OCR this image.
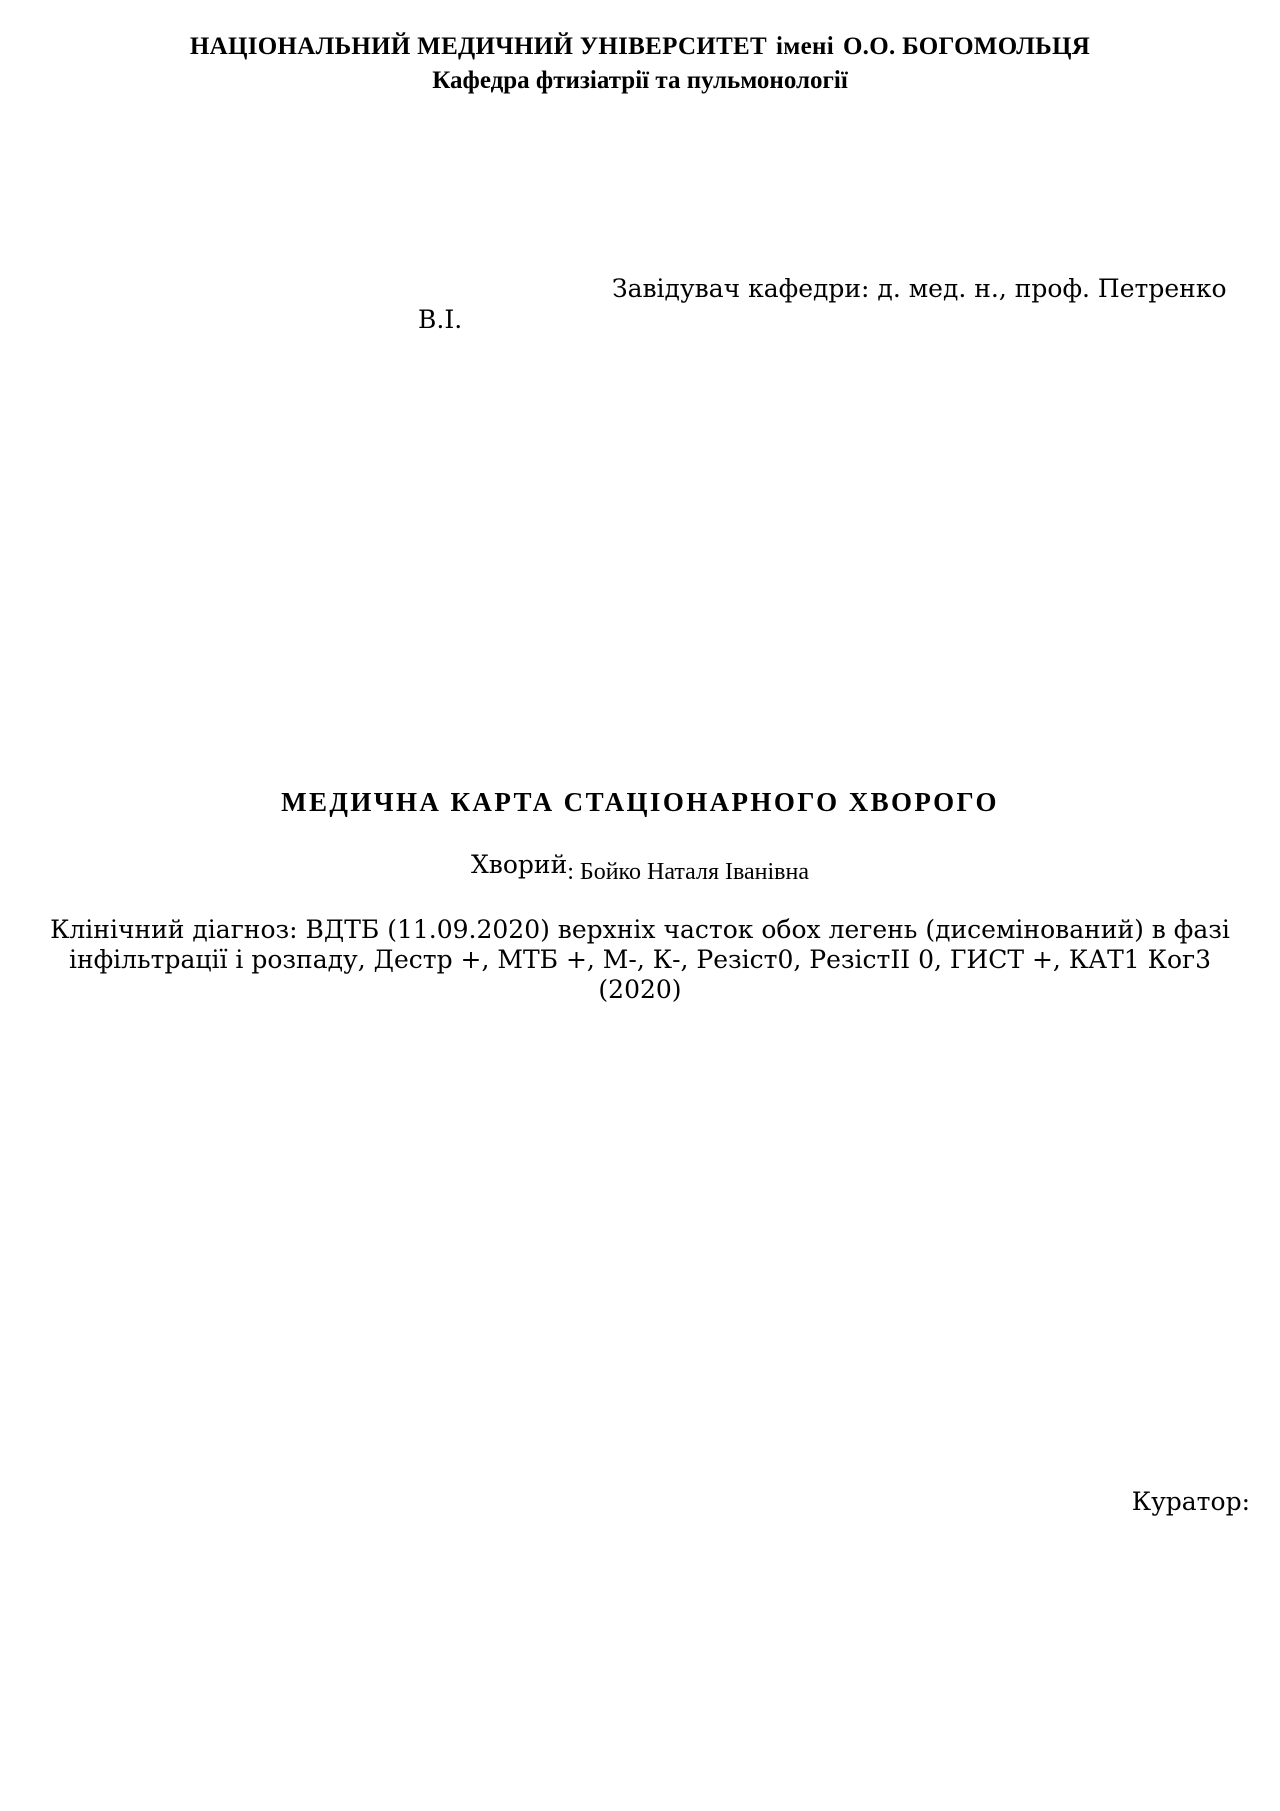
НАЦІОНАЛЬНИЙ МЕДИЧНИЙ УНІВЕРСИТЕТ імені О.О. БОГОМОЛЬЦЯ
Кафедра фтизіатрії та пульмонології
Завідувач кафедри: д. мед. н., проф. Петренко
В.І.
МЕДИЧНА КАРТА СТАЦІОНАРНОГО ХВОРОГО
Хворий: Бойко Наталя Іванівна
Клінічний діагноз: ВДТБ (11.09.2020) верхніх часток обох легень (дисемінований) в фазі
інфільтрації і розпаду, Дестр +, МТБ +, М-, К-, Резіст0, РезістІІ 0, ГИСТ +, КАТ1 Ког3
(2020)
Куратор:
